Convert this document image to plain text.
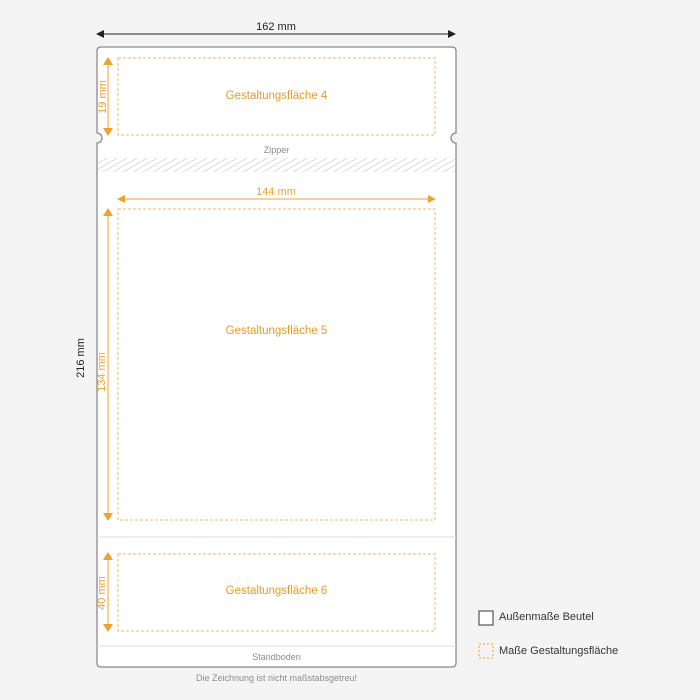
162 mm
216 mm
Gestaltungsfläche 4
Zipper
144 mm
Gestaltungsfläche 5
Gestaltungsfläche 6
19 mm
134 mm
40 mm
Standboden
Die Zeichnung ist nicht maßstabsgetreu!
Außenmaße Beutel
Maße Gestaltungsfläche
